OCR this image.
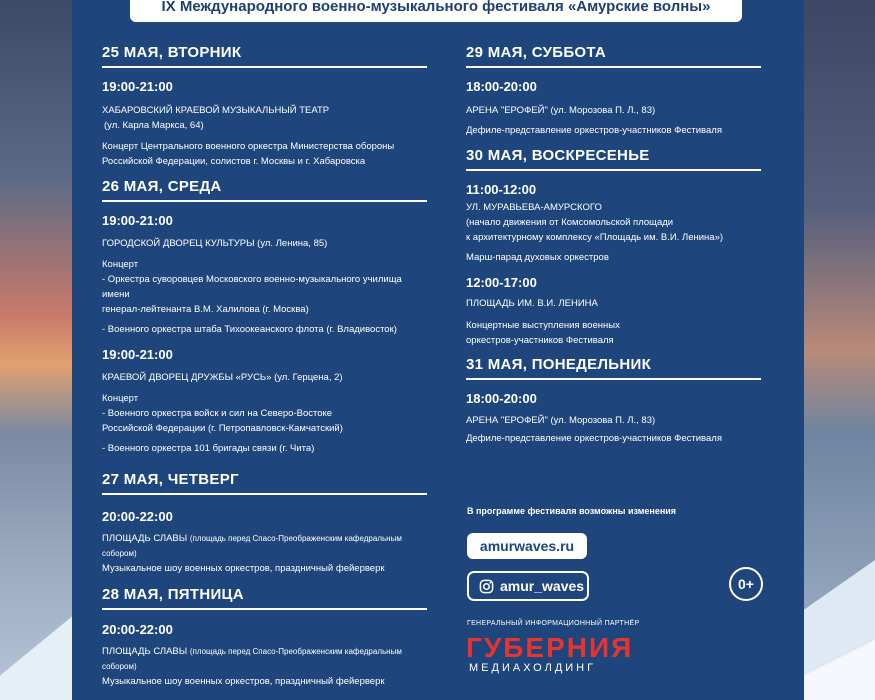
IX Международного военно-музыкального фестиваля «Амурские волны»
25 МАЯ, ВТОРНИК
19:00-21:00
ХАБАРОВСКИЙ КРАЕВОЙ МУЗЫКАЛЬНЫЙ ТЕАТР
(ул. Карла Маркса, 64)
Концерт Центрального военного оркестра Министерства обороны
Российской Федерации, солистов г. Москвы и г. Хабаровска
26 МАЯ, СРЕДА
19:00-21:00
ГОРОДСКОЙ ДВОРЕЦ КУЛЬТУРЫ (ул. Ленина, 85)
Концерт
- Оркестра суворовцев Московского военно-музыкального училища имени
генерал-лейтенанта В.М. Халилова (г. Москва)
- Военного оркестра штаба Тихоокеанского флота (г. Владивосток)
19:00-21:00
КРАЕВОЙ ДВОРЕЦ ДРУЖБЫ «РУСЬ» (ул. Герцена, 2)
Концерт
- Военного оркестра войск и сил на Северо-Востоке
Российской Федерации (г. Петропавловск-Камчатский)
- Военного оркестра 101 бригады связи (г. Чита)
27 МАЯ, ЧЕТВЕРГ
20:00-22:00
ПЛОЩАДЬ СЛАВЫ (площадь перед Спасо-Преображенским кафедральным собором)
Музыкальное шоу военных оркестров, праздничный фейерверк
28 МАЯ, ПЯТНИЦА
20:00-22:00
ПЛОЩАДЬ СЛАВЫ (площадь перед Спасо-Преображенским кафедральным собором)
Музыкальное шоу военных оркестров, праздничный фейерверк
29 МАЯ, СУББОТА
18:00-20:00
АРЕНА "ЕРОФЕЙ" (ул. Морозова П. Л., 83)
Дефиле-представление оркестров-участников Фестиваля
30 МАЯ, ВОСКРЕСЕНЬЕ
11:00-12:00
УЛ. МУРАВЬЕВА-АМУРСКОГО
(начало движения от Комсомольской площади
к архитектурному комплексу «Площадь им. В.И. Ленина»)
Марш-парад духовых оркестров
12:00-17:00
ПЛОЩАДЬ ИМ. В.И. ЛЕНИНА
Концертные выступления военных
оркестров-участников Фестиваля
31 МАЯ, ПОНЕДЕЛЬНИК
18:00-20:00
АРЕНА "ЕРОФЕЙ" (ул. Морозова П. Л., 83)
Дефиле-представление оркестров-участников Фестиваля
В программе фестиваля возможны изменения
amurwaves.ru
amur_waves	0+
ГЕНЕРАЛЬНЫЙ ИНФОРМАЦИОННЫЙ ПАРТНЁР
ГУБЕРНИЯ
МЕДИАХОЛДИНГ
